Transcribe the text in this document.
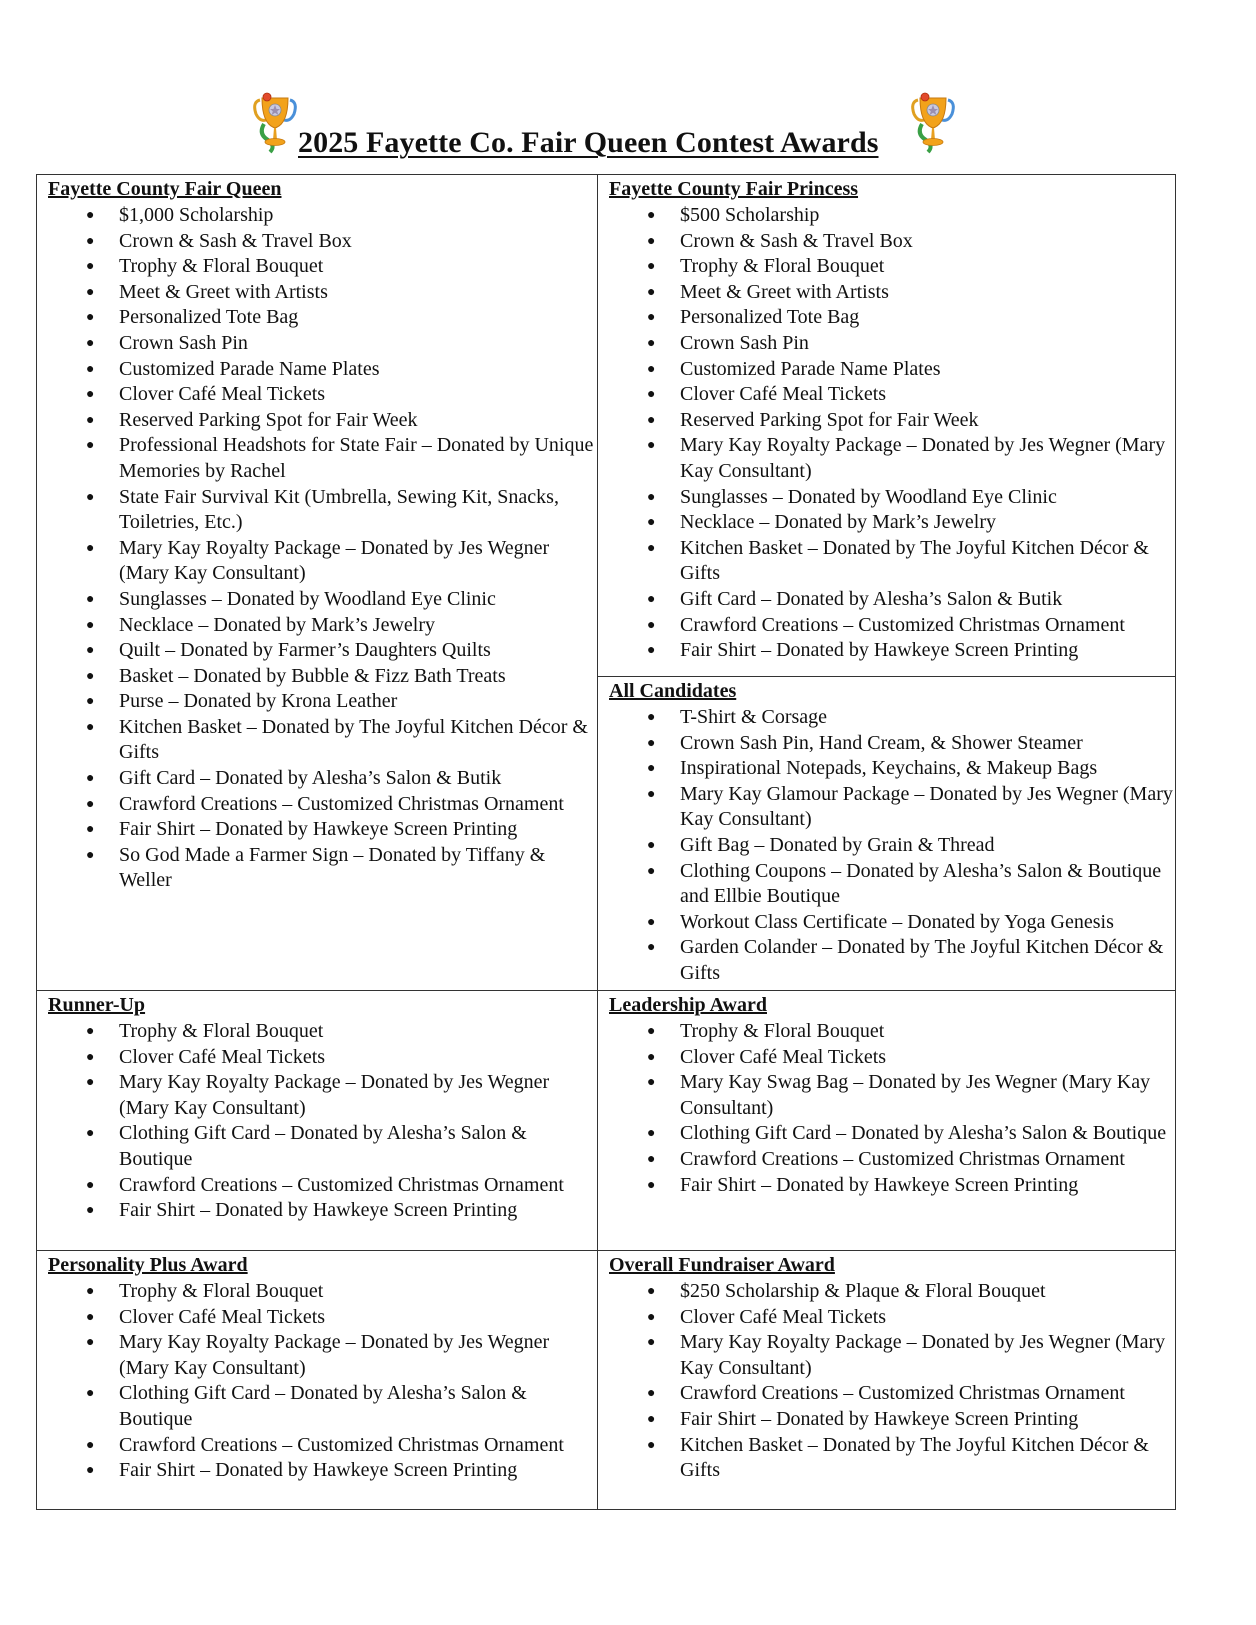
2025 Fayette Co. Fair Queen Contest Awards
Fayette County Fair Queen
●
$1,000 Scholarship
●
Crown & Sash & Travel Box
●
Trophy & Floral Bouquet
●
Meet & Greet with Artists
●
Personalized Tote Bag
●
Crown Sash Pin
●
Customized Parade Name Plates
●
Clover Café Meal Tickets
●
Reserved Parking Spot for Fair Week
●
Professional Headshots for State Fair – Donated by Unique Memories by Rachel
●
State Fair Survival Kit (Umbrella, Sewing Kit, Snacks, Toiletries, Etc.)
●
Mary Kay Royalty Package – Donated by Jes Wegner (Mary Kay Consultant)
●
Sunglasses – Donated by Woodland Eye Clinic
●
Necklace – Donated by Mark’s Jewelry
●
Quilt – Donated by Farmer’s Daughters Quilts
●
Basket – Donated by Bubble & Fizz Bath Treats
●
Purse – Donated by Krona Leather
●
Kitchen Basket – Donated by The Joyful Kitchen Décor & Gifts
●
Gift Card – Donated by Alesha’s Salon & Butik
●
Crawford Creations – Customized Christmas Ornament
●
Fair Shirt – Donated by Hawkeye Screen Printing
●
So God Made a Farmer Sign – Donated by Tiffany & Weller
Fayette County Fair Princess
●
$500 Scholarship
●
Crown & Sash & Travel Box
●
Trophy & Floral Bouquet
●
Meet & Greet with Artists
●
Personalized Tote Bag
●
Crown Sash Pin
●
Customized Parade Name Plates
●
Clover Café Meal Tickets
●
Reserved Parking Spot for Fair Week
●
Mary Kay Royalty Package – Donated by Jes Wegner (Mary Kay Consultant)
●
Sunglasses – Donated by Woodland Eye Clinic
●
Necklace – Donated by Mark’s Jewelry
●
Kitchen Basket – Donated by The Joyful Kitchen Décor & Gifts
●
Gift Card – Donated by Alesha’s Salon & Butik
●
Crawford Creations – Customized Christmas Ornament
●
Fair Shirt – Donated by Hawkeye Screen Printing
All Candidates
●
T-Shirt & Corsage
●
Crown Sash Pin, Hand Cream, & Shower Steamer
●
Inspirational Notepads, Keychains, & Makeup Bags
●
Mary Kay Glamour Package – Donated by Jes Wegner (Mary Kay Consultant)
●
Gift Bag – Donated by Grain & Thread
●
Clothing Coupons – Donated by Alesha’s Salon & Boutique and Ellbie Boutique
●
Workout Class Certificate – Donated by Yoga Genesis
●
Garden Colander – Donated by The Joyful Kitchen Décor & Gifts
Runner-Up
●
Trophy & Floral Bouquet
●
Clover Café Meal Tickets
●
Mary Kay Royalty Package – Donated by Jes Wegner (Mary Kay Consultant)
●
Clothing Gift Card – Donated by Alesha’s Salon & Boutique
●
Crawford Creations – Customized Christmas Ornament
●
Fair Shirt – Donated by Hawkeye Screen Printing
Leadership Award
●
Trophy & Floral Bouquet
●
Clover Café Meal Tickets
●
Mary Kay Swag Bag – Donated by Jes Wegner (Mary Kay Consultant)
●
Clothing Gift Card – Donated by Alesha’s Salon & Boutique
●
Crawford Creations – Customized Christmas Ornament
●
Fair Shirt – Donated by Hawkeye Screen Printing
Personality Plus Award
●
Trophy & Floral Bouquet
●
Clover Café Meal Tickets
●
Mary Kay Royalty Package – Donated by Jes Wegner (Mary Kay Consultant)
●
Clothing Gift Card – Donated by Alesha’s Salon & Boutique
●
Crawford Creations – Customized Christmas Ornament
●
Fair Shirt – Donated by Hawkeye Screen Printing
Overall Fundraiser Award
●
$250 Scholarship & Plaque & Floral Bouquet
●
Clover Café Meal Tickets
●
Mary Kay Royalty Package – Donated by Jes Wegner (Mary Kay Consultant)
●
Crawford Creations – Customized Christmas Ornament
●
Fair Shirt – Donated by Hawkeye Screen Printing
●
Kitchen Basket – Donated by The Joyful Kitchen Décor & Gifts
